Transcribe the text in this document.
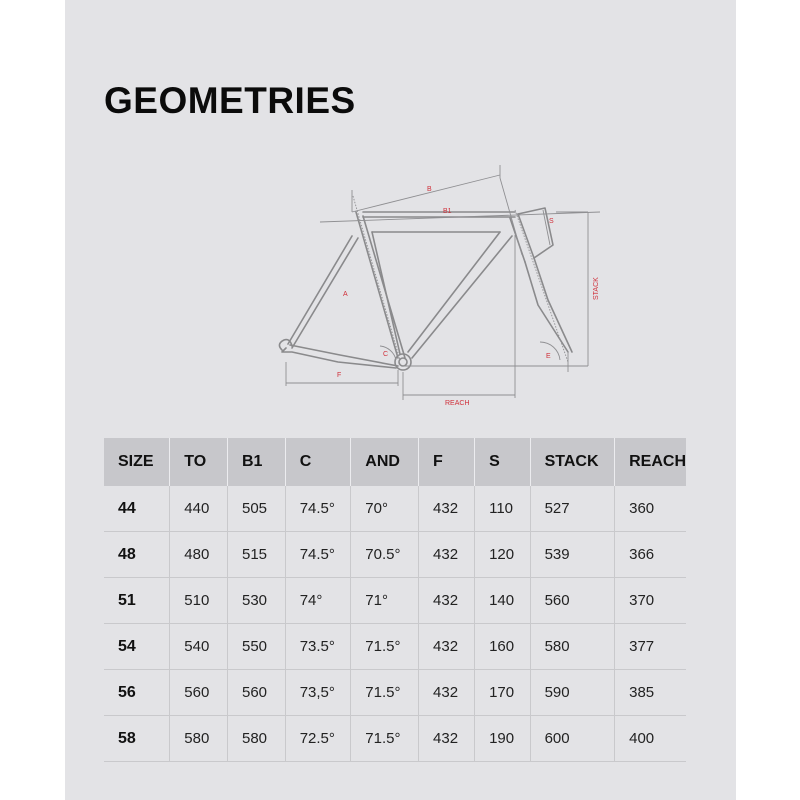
GEOMETRIES
A
B
B1
C	E
F
S
STACK
REACH
SIZE	TO	B1	C	AND	F	S	STACK	REACH
44	440	505	74.5°	70°	432	110	527	360
48	480	515	74.5°	70.5°	432	120	539	366
51	510	530	74°	71°	432	140	560	370
54	540	550	73.5°	71.5°	432	160	580	377
56	560	560	73,5°	71.5°	432	170	590	385
58	580	580	72.5°	71.5°	432	190	600	400
